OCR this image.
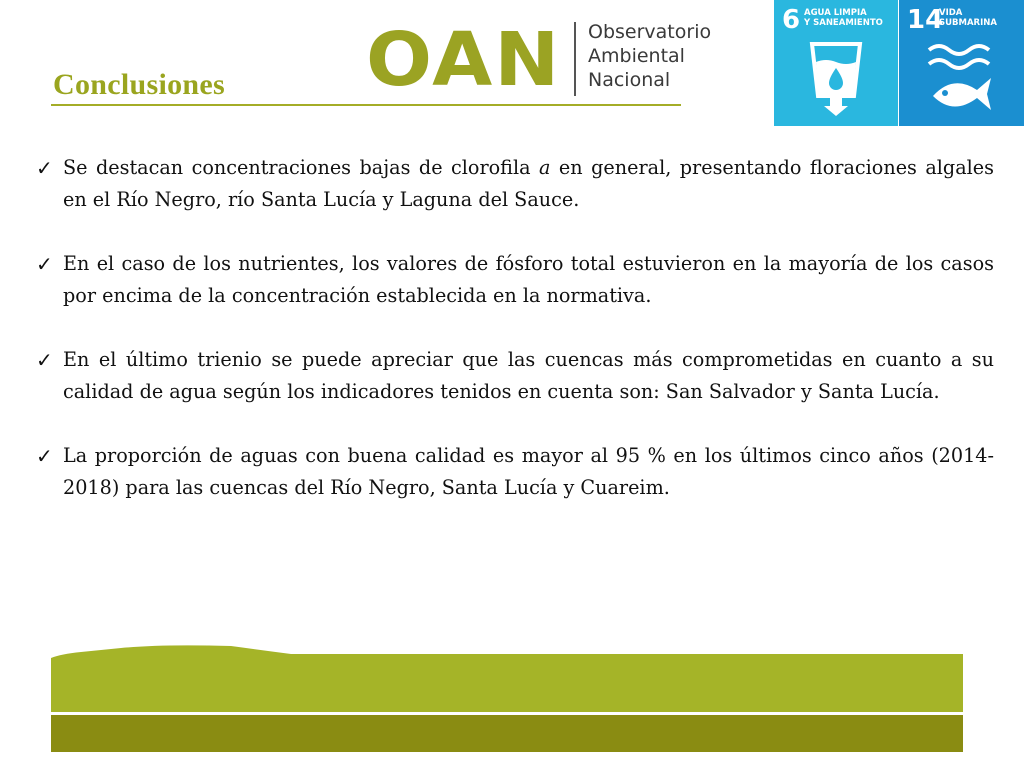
Conclusiones OAN Observatorio
Ambiental
Nacional
6 AGUA LIMPIA
Y SANEAMIENTO 14
VIDA
SUBMARINA
✓ Se destacan concentraciones bajas de clorofila a en general, presentando floraciones algales en el Río Negro, río Santa Lucía y Laguna del Sauce.
✓ En el caso de los nutrientes, los valores de fósforo total estuvieron en la mayoría de los casos por encima de la concentración establecida en la normativa.
✓ En el último trienio se puede apreciar que las cuencas más comprometidas en cuanto a su calidad de agua según los indicadores tenidos en cuenta son: San Salvador y Santa Lucía.
✓ La proporción de aguas con buena calidad es mayor al 95 % en los últimos cinco años (2014-2018) para las cuencas del Río Negro, Santa Lucía y Cuareim.
